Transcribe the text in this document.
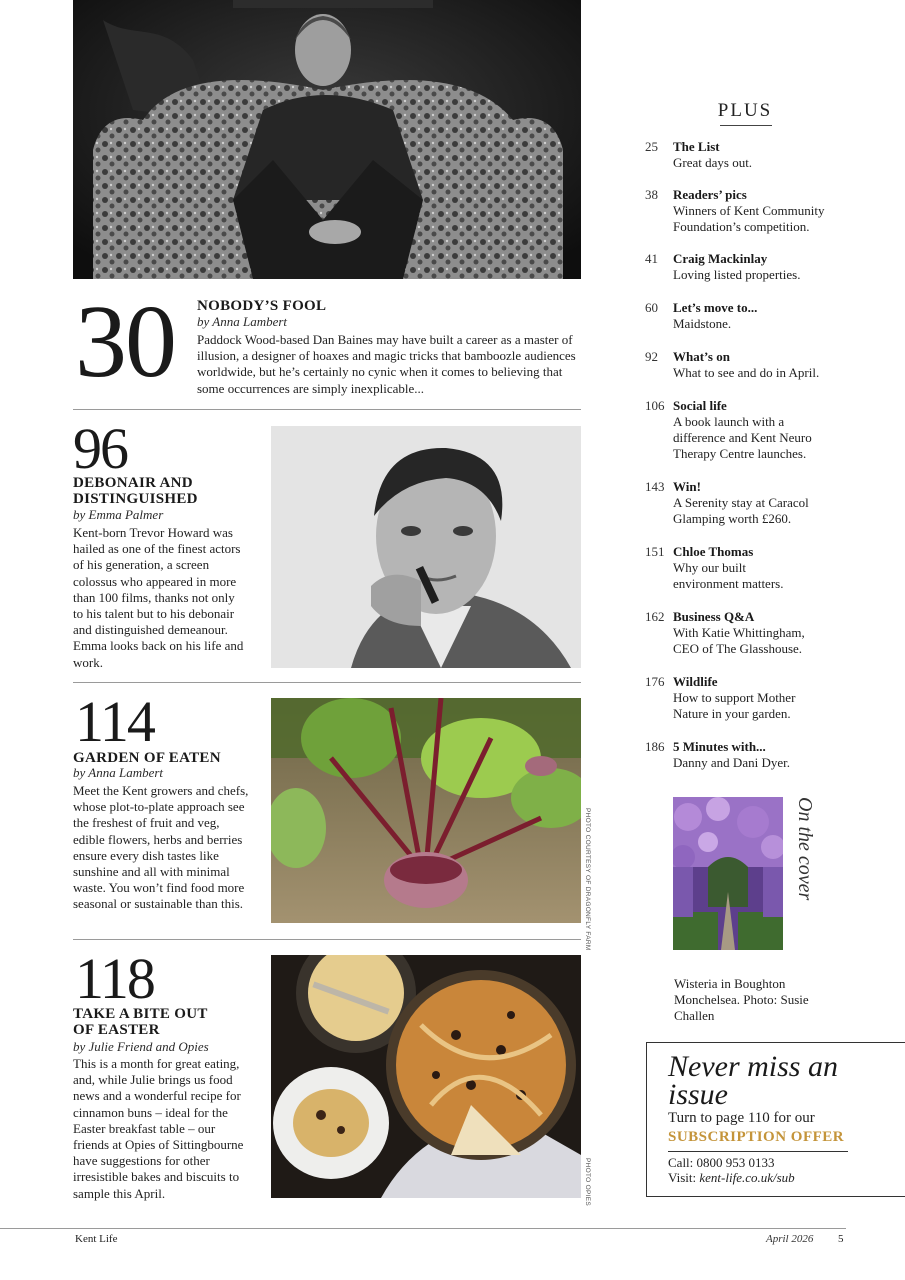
30 NOBODY’S FOOL
by Anna Lambert

Paddock Wood-based Dan Baines may have built a career as a master of illusion, a designer of hoaxes and magic tricks that bamboozle audiences worldwide, but he’s certainly no cynic when it comes to believing that some occurrences are simply inexplicable...

96
DEBONAIR AND DISTINGUISHED
by Emma Palmer

Kent-born Trevor Howard was hailed as one of the finest actors of his generation, a screen colossus who appeared in more than 100 films, thanks not only to his talent but to his debonair and distinguished demeanour. Emma looks back on his life and work.

114
GARDEN OF EATEN
by Anna Lambert

Meet the Kent growers and chefs, whose plot-to-plate approach see the freshest of fruit and veg, edible flowers, herbs and berries ensure every dish tastes like sunshine and all with minimal waste. You won’t find food more seasonal or sustainable than this.	PHOTO COURTESY OF DRAGONFLY FARM
118
TAKE A BITE OUT OF EASTER
by Julie Friend and Opies

This is a month for great eating, and, while Julie brings us food news and a wonderful recipe for cinnamon buns – ideal for the Easter breakfast table – our friends at Opies of Sittingbourne have suggestions for other irresistible bakes and biscuits to sample this April.	PHOTO OPIES
PLUS
25 The List
Great days out.
38 Readers’ pics
Winners of Kent Community Foundation’s competition.
41 Craig Mackinlay
Loving listed properties.
60 Let’s move to...
Maidstone.
92 What’s on
What to see and do in April.
106 Social life
A book launch with a difference and Kent Neuro Therapy Centre launches.
143 Win!
A Serenity stay at Caracol Glamping worth £260.
151 Chloe Thomas
Why our built environment matters.
162 Business Q&A
With Katie Whittingham, CEO of The Glasshouse.
176 Wildlife
How to support Mother Nature in your garden.
186 5 Minutes with...
Danny and Dani Dyer.
On the cover

Wisteria in Boughton Monchelsea. Photo: Susie Challen

Never miss an issue

Turn to page 110 for our
SUBSCRIPTION OFFER
Call: 0800 953 0133
Visit: kent-life.co.uk/sub
Kent Life	April 2026 5
